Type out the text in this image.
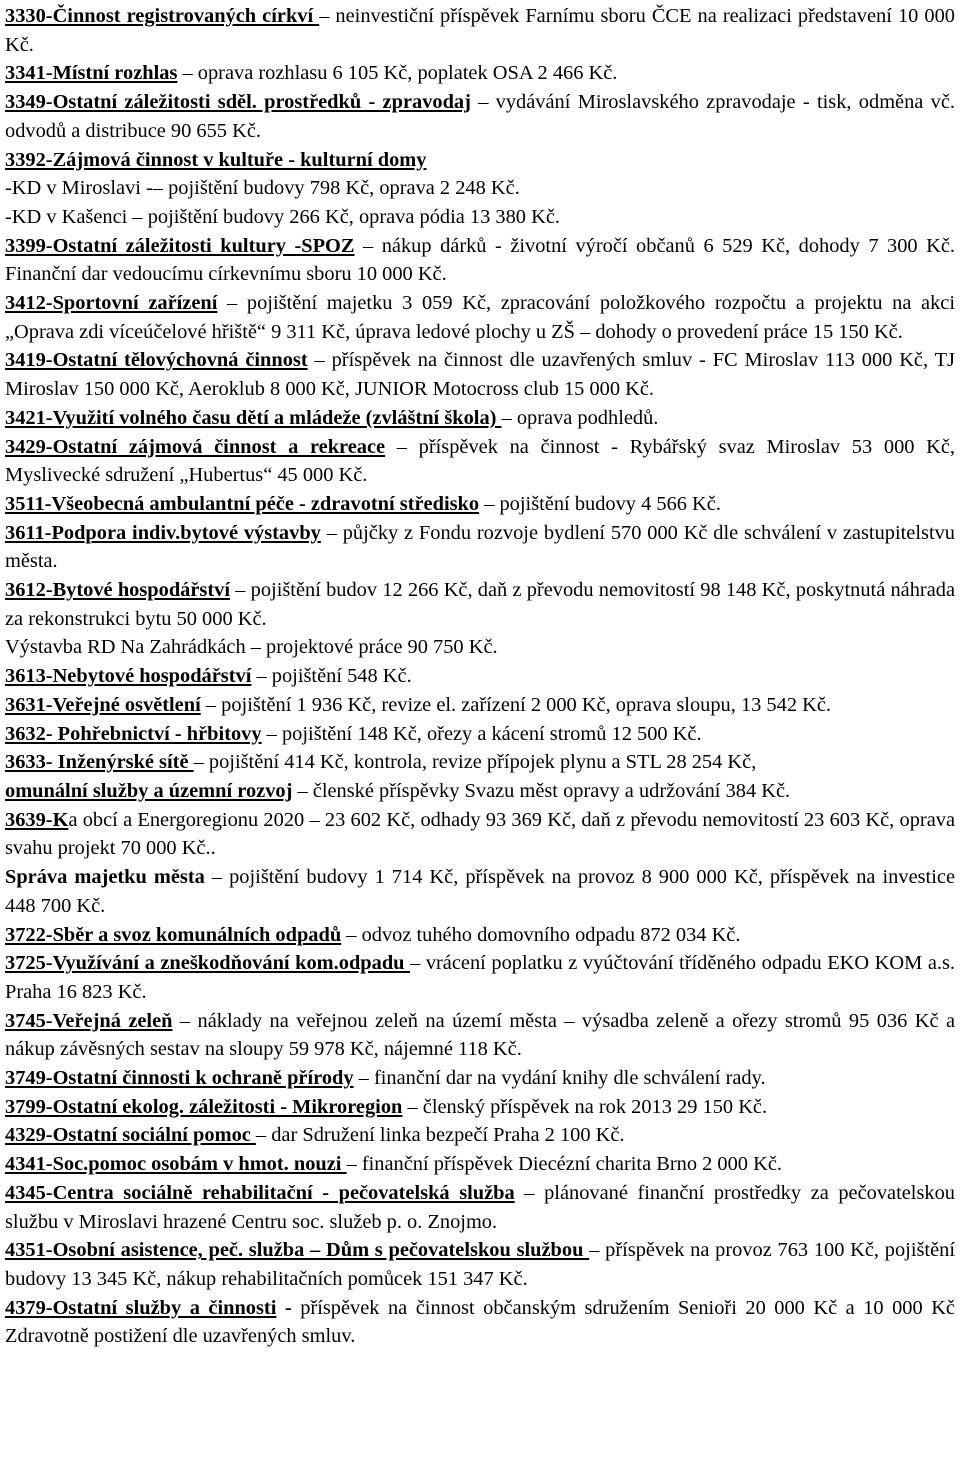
3330-Činnost registrovaných církví – neinvestiční příspěvek Farnímu sboru ČCE na realizaci představení 10 000 Kč.

3341-Místní rozhlas – oprava rozhlasu 6 105 Kč, poplatek OSA 2 466 Kč.

3349-Ostatní záležitosti sděl. prostředků - zpravodaj – vydávání Miroslavského zpravodaje - tisk, odměna vč. odvodů a distribuce 90 655 Kč.

3392-Zájmová činnost v kultuře - kulturní domy

-KD v Miroslavi -– pojištění budovy 798 Kč, oprava 2 248 Kč.

-KD v Kašenci – pojištění budovy 266 Kč, oprava pódia 13 380 Kč.

3399-Ostatní záležitosti kultury -SPOZ – nákup dárků - životní výročí občanů 6 529 Kč, dohody 7 300 Kč. Finanční dar vedoucímu církevnímu sboru 10 000 Kč.

3412-Sportovní zařízení – pojištění majetku 3 059 Kč, zpracování položkového rozpočtu a projektu na akci „Oprava zdi víceúčelové hřiště“ 9 311 Kč, úprava ledové plochy u ZŠ – dohody o provedení práce 15 150 Kč.

3419-Ostatní tělovýchovná činnost – příspěvek na činnost dle uzavřených smluv - FC Miroslav 113 000 Kč, TJ Miroslav 150 000 Kč, Aeroklub 8 000 Kč, JUNIOR Motocross club 15 000 Kč.

3421-Využití volného času dětí a mládeže (zvláštní škola) – oprava podhledů.

3429-Ostatní zájmová činnost a rekreace – příspěvek na činnost - Rybářský svaz Miroslav 53 000 Kč, Myslivecké sdružení „Hubertus“ 45 000 Kč.

3511-Všeobecná ambulantní péče - zdravotní středisko – pojištění budovy 4 566 Kč.

3611-Podpora indiv.bytové výstavby – půjčky z Fondu rozvoje bydlení 570 000 Kč dle schválení v zastupitelstvu města.

3612-Bytové hospodářství – pojištění budov 12 266 Kč, daň z převodu nemovitostí 98 148 Kč, poskytnutá náhrada za rekonstrukci bytu 50 000 Kč.

Výstavba RD Na Zahrádkách – projektové práce 90 750 Kč.

3613-Nebytové hospodářství – pojištění 548 Kč.

3631-Veřejné osvětlení – pojištění 1 936 Kč, revize el. zařízení 2 000 Kč, oprava sloupu, 13 542 Kč.

3632- Pohřebnictví - hřbitovy – pojištění 148 Kč, ořezy a kácení stromů 12 500 Kč.

3633- Inženýrské sítě – pojištění 414 Kč, kontrola, revize přípojek plynu a STL 28 254 Kč,

omunální služby a územní rozvoj – členské příspěvky Svazu měst opravy a udržování 384 Kč.

3639-Ka obcí a Energoregionu 2020 – 23 602 Kč, odhady 93 369 Kč, daň z převodu nemovitostí 23 603 Kč, oprava svahu projekt 70 000 Kč..

Správa majetku města – pojištění budovy 1 714 Kč, příspěvek na provoz 8 900 000 Kč, příspěvek na investice 448 700 Kč.

3722-Sběr a svoz komunálních odpadů – odvoz tuhého domovního odpadu 872 034 Kč.

3725-Využívání a zneškodňování kom.odpadu – vrácení poplatku z vyúčtování tříděného odpadu EKO KOM a.s. Praha 16 823 Kč.

3745-Veřejná zeleň – náklady na veřejnou zeleň na území města – výsadba zeleně a ořezy stromů 95 036 Kč a nákup závěsných sestav na sloupy 59 978 Kč, nájemné 118 Kč.

3749-Ostatní činnosti k ochraně přírody – finanční dar na vydání knihy dle schválení rady.

3799-Ostatní ekolog. záležitosti - Mikroregion – členský příspěvek na rok 2013 29 150 Kč.

4329-Ostatní sociální pomoc – dar Sdružení linka bezpečí Praha 2 100 Kč.

4341-Soc.pomoc osobám v hmot. nouzi – finanční příspěvek Diecézní charita Brno 2 000 Kč.

4345-Centra sociálně rehabilitační - pečovatelská služba – plánované finanční prostředky za pečovatelskou službu v Miroslavi hrazené Centru soc. služeb p. o. Znojmo.

4351-Osobní asistence, peč. služba – Dům s pečovatelskou službou – příspěvek na provoz 763 100 Kč, pojištění budovy 13 345 Kč, nákup rehabilitačních pomůcek 151 347 Kč.

4379-Ostatní služby a činnosti - příspěvek na činnost občanským sdružením Senioři 20 000 Kč a 10 000 Kč Zdravotně postižení dle uzavřených smluv.
